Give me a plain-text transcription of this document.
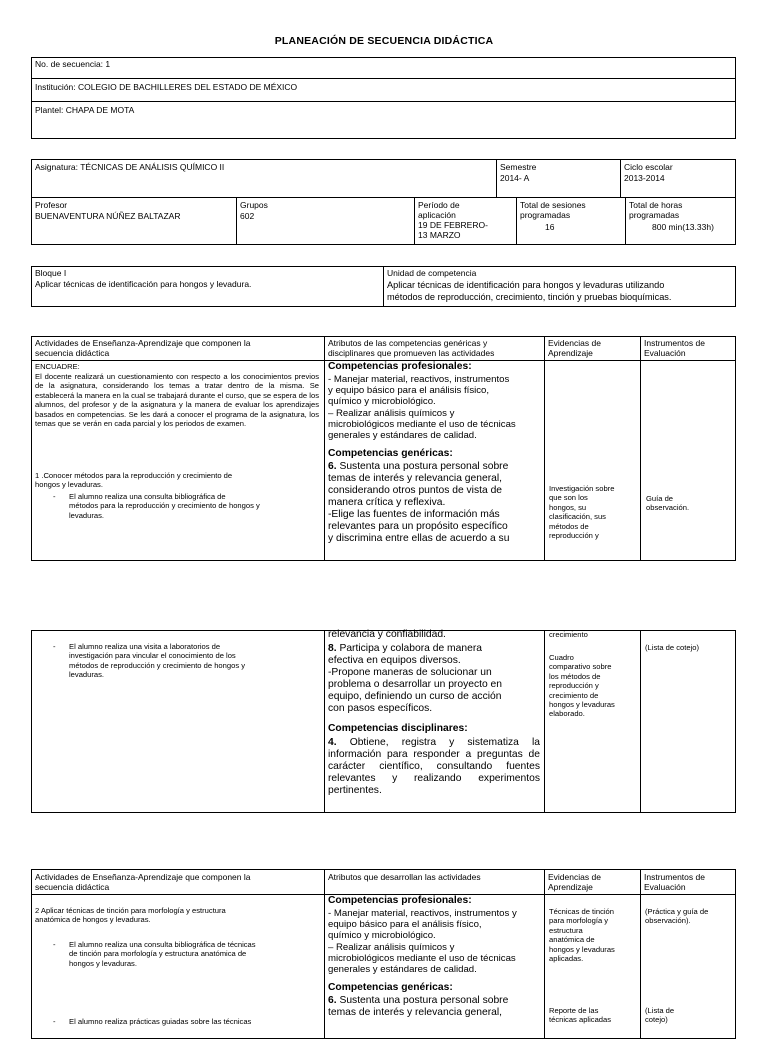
PLANEACIÓN DE SECUENCIA DIDÁCTICA
No. de secuencia: 1
Institución: COLEGIO DE BACHILLERES DEL ESTADO DE MÉXICO
Plantel: CHAPA DE MOTA
Asignatura: TÉCNICAS DE ANÁLISIS QUÍMICO II	Semestre
2014- A
Ciclo escolar
2013-2014
Profesor
BUENAVENTURA NÚÑEZ BALTAZAR
Grupos
602
Período de
aplicación
19 DE FEBRERO-
13 MARZO
Total de sesiones
programadas
16
Total de horas
programadas
800 min(13.33h)
Bloque I
Aplicar técnicas de identificación para hongos y levadura.
Unidad de competencia
Aplicar técnicas de identificación para hongos y levaduras utilizando
métodos de reproducción, crecimiento, tinción y pruebas bioquímicas.
Actividades de Enseñanza-Aprendizaje que componen la
secuencia didáctica
Atributos de las competencias genéricas y
disciplinares que promueven las actividades
Evidencias de
Aprendizaje
Instrumentos de
Evaluación
ENCUADRE:
El docente realizará un cuestionamiento con respecto a los conocimientos previos de la asignatura, considerando los temas a tratar dentro de la misma. Se establecerá la manera en la cual se trabajará durante el curso, que se espera de los alumnos, del profesor y de la asignatura y la manera de evaluar los aprendizajes basados en competencias. Se les dará a conocer el programa de la asignatura, los temas que se verán en cada parcial y los periodos de examen.
1 .Conocer métodos para la reproducción y crecimiento de
hongos y levaduras.
- El alumno realiza una consulta bibliográfica de
métodos para la reproducción y crecimiento de hongos y
levaduras.
Competencias profesionales:
- Manejar material, reactivos, instrumentos
y equipo básico para el análisis físico,
químico y microbiológico.
– Realizar análisis químicos y
microbiológicos mediante el uso de técnicas
generales y estándares de calidad.
Competencias genéricas:
6. Sustenta una postura personal sobre
temas de interés y relevancia general,
considerando otros puntos de vista de
manera crítica y reflexiva.
-Elige las fuentes de información más
relevantes para un propósito específico
y discrimina entre ellas de acuerdo a su
Investigación sobre
que son los
hongos, su
clasificación, sus
métodos de
reproducción y
Guía de
observación.
- El alumno realiza una visita a laboratorios de
investigación para vincular el conocimiento de los
métodos de reproducción y crecimiento de hongos y
levaduras.
relevancia y confiabilidad.
8. Participa y colabora de manera
efectiva en equipos diversos.
-Propone maneras de solucionar un
problema o desarrollar un proyecto en
equipo, definiendo un curso de acción
con pasos específicos.
Competencias disciplinares:
4. Obtiene, registra y sistematiza la información para responder a preguntas de carácter científico, consultando fuentes relevantes y realizando experimentos pertinentes.
crecimiento
Cuadro
comparativo sobre
los métodos de
reproducción y
crecimiento de
hongos y levaduras
elaborado.
(Lista de cotejo)
Actividades de Enseñanza-Aprendizaje que componen la
secuencia didáctica
Atributos que desarrollan las actividades	Evidencias de
Aprendizaje
Instrumentos de
Evaluación
2 Aplicar técnicas de tinción para morfología y estructura
anatómica de hongos y levaduras.
- El alumno realiza una consulta bibliográfica de técnicas
de tinción para morfología y estructura anatómica de
hongos y levaduras.
- El alumno realiza prácticas guiadas sobre las técnicas
Competencias profesionales:
- Manejar material, reactivos, instrumentos y
equipo básico para el análisis físico,
químico y microbiológico.
– Realizar análisis químicos y
microbiológicos mediante el uso de técnicas
generales y estándares de calidad.
Competencias genéricas:
6. Sustenta una postura personal sobre
temas de interés y relevancia general,
Técnicas de tinción
para morfología y
estructura
anatómica de
hongos y levaduras
aplicadas.
Reporte de las
técnicas aplicadas
(Práctica y guía de
observación).
(Lista de
cotejo)
